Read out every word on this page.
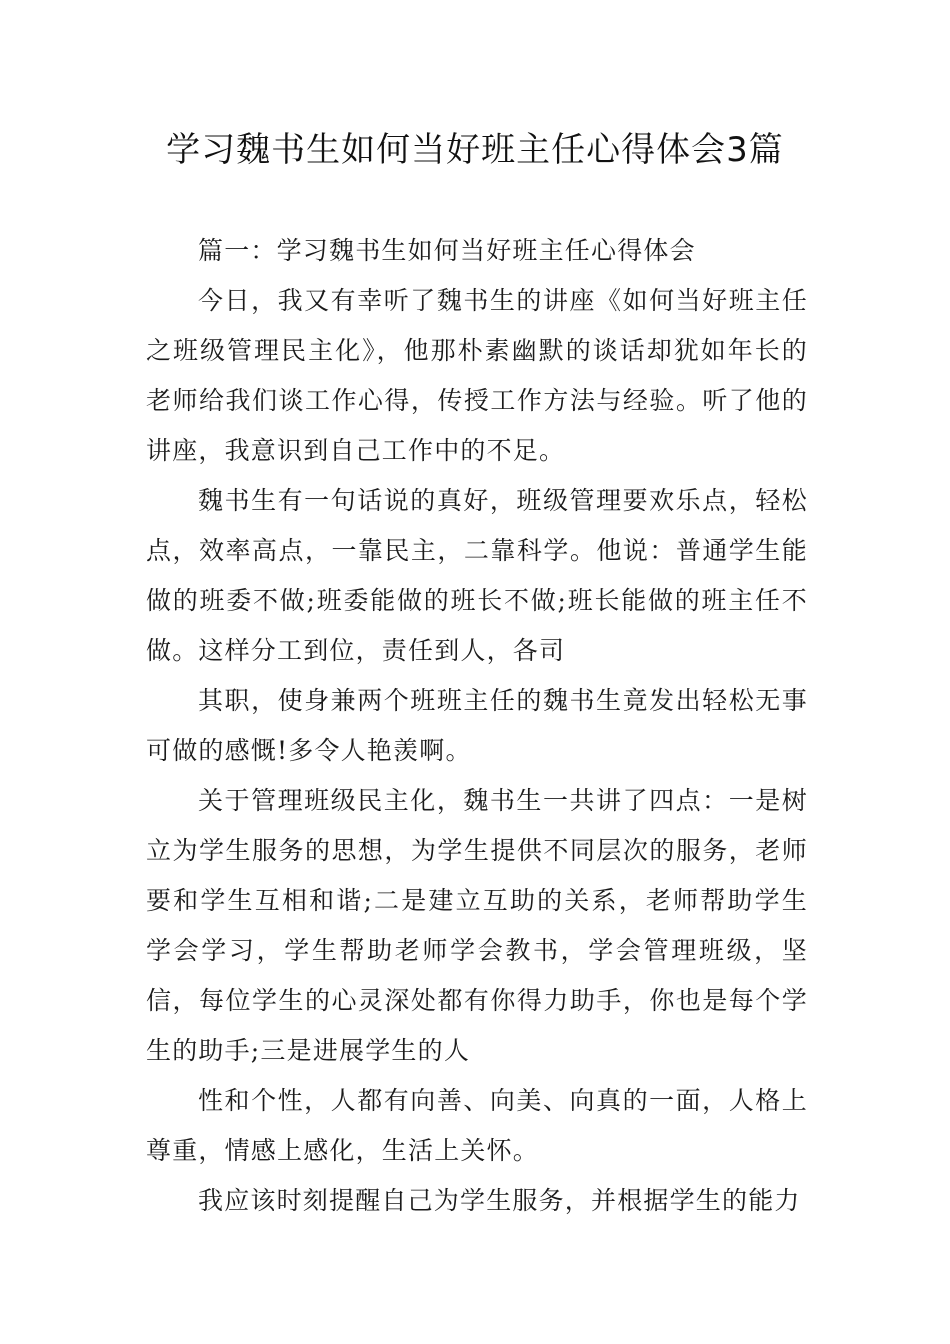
学习魏书生如何当好班主任心得体会3篇

篇一：学习魏书生如何当好班主任心得体会

今日，我又有幸听了魏书生的讲座《如何当好班主任之班级管理民主化》，他那朴素幽默的谈话却犹如年长的老师给我们谈工作心得，传授工作方法与经验。听了他的讲座，我意识到自己工作中的不足。

魏书生有一句话说的真好，班级管理要欢乐点，轻松点，效率高点，一靠民主，二靠科学。他说：普通学生能做的班委不做;班委能做的班长不做;班长能做的班主任不做。这样分工到位，责任到人，各司

其职，使身兼两个班班主任的魏书生竟发出轻松无事可做的感慨!多令人艳羡啊。

关于管理班级民主化，魏书生一共讲了四点：一是树立为学生服务的思想，为学生提供不同层次的服务，老师要和学生互相和谐;二是建立互助的关系，老师帮助学生学会学习，学生帮助老师学会教书，学会管理班级，坚信，每位学生的心灵深处都有你得力助手，你也是每个学生的助手;三是进展学生的人

性和个性，人都有向善、向美、向真的一面，人格上尊重，情感上感化，生活上关怀。

我应该时刻提醒自己为学生服务，并根据学生的能力
